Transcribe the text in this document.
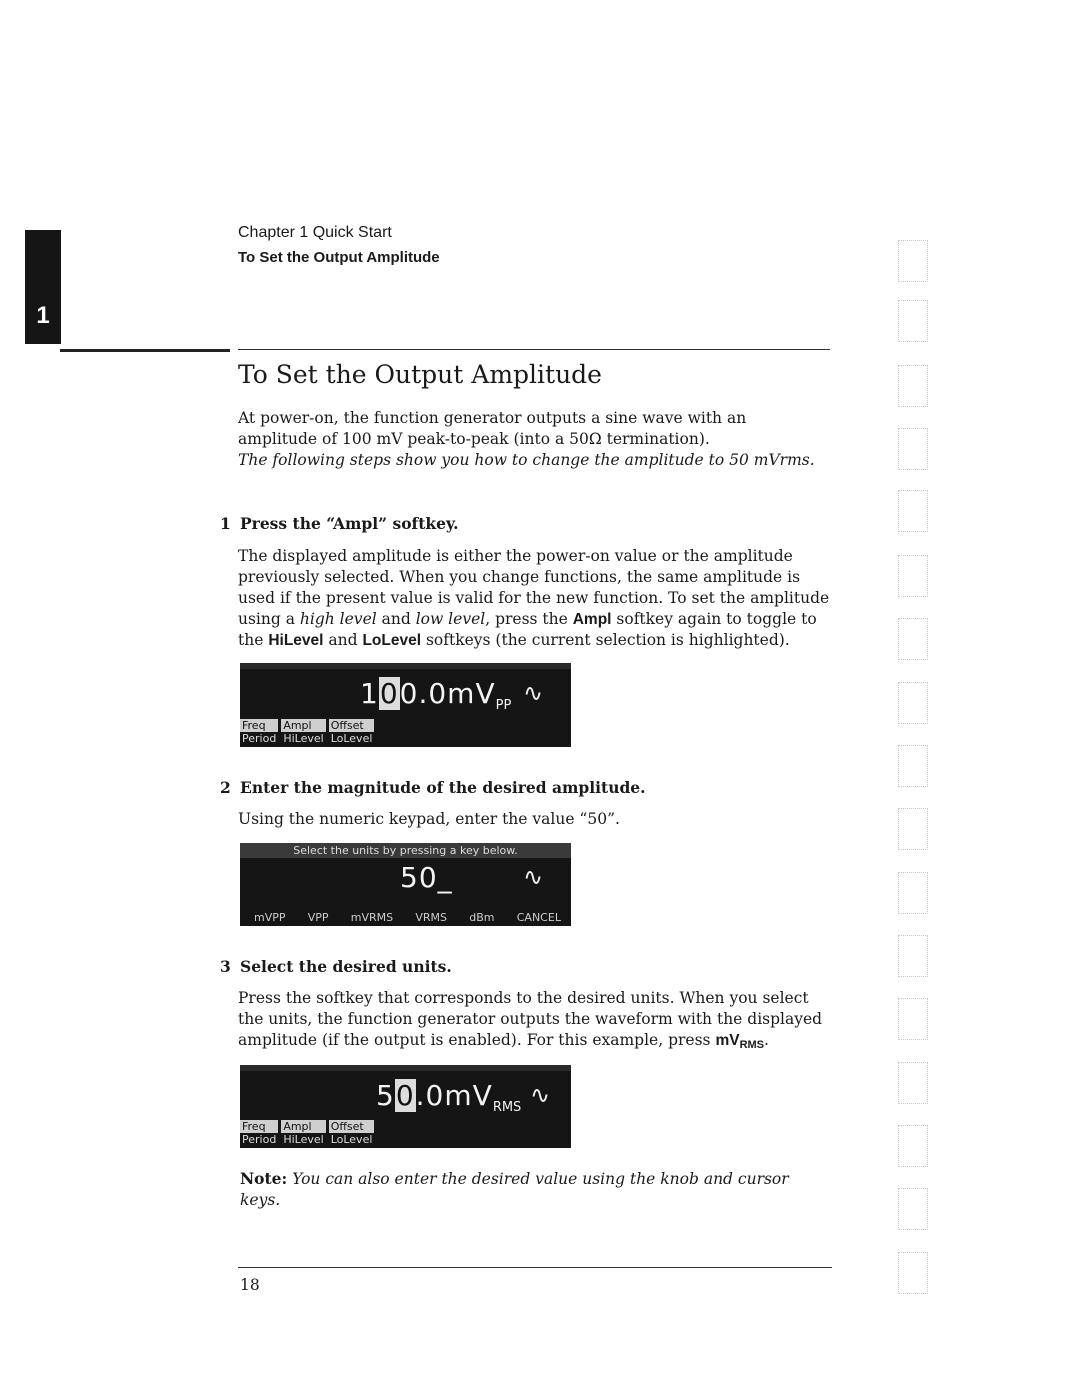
1
Chapter 1 Quick Start
To Set the Output Amplitude
To Set the Output Amplitude
At power-on, the function generator outputs a sine wave with an
amplitude of 100 mV peak-to-peak (into a 50Ω termination).
The following steps show you how to change the amplitude to 50 mVrms.
1 Press the “Ampl” softkey.
The displayed amplitude is either the power-on value or the amplitude
previously selected. When you change functions, the same amplitude is
used if the present value is valid for the new function. To set the amplitude
using a high level and low level, press the Ampl softkey again to toggle to
the HiLevel and LoLevel softkeys (the current selection is highlighted).
$100.0mV_{PP}$ ∿
Freq
Period
Ampl
HiLevel
Offset
LoLevel
2 Enter the magnitude of the desired amplitude.
Using the numeric keypad, enter the value “50”.
Select the units by pressing a key below.
50_	∿
mVPP VPP mVRMS VRMS dBm CANCEL
3 Select the desired units.
Press the softkey that corresponds to the desired units. When you select
the units, the function generator outputs the waveform with the displayed
amplitude (if the output is enabled). For this example, press mVRMS.
$50.0mV_{RMS}$ ∿
Freq
Period
Ampl
HiLevel
Offset
LoLevel
Note: You can also enter the desired value using the knob and cursor keys.
18
